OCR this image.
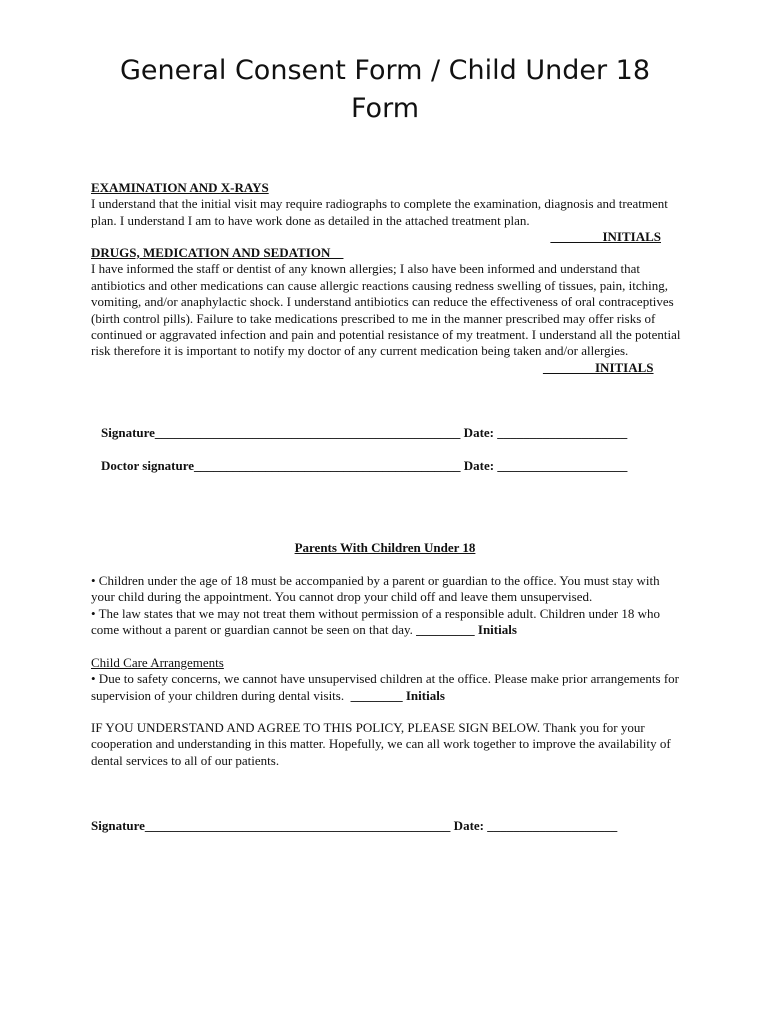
General Consent Form / Child Under 18
Form

EXAMINATION AND X-RAYS

I understand that the initial visit may require radiographs to complete the examination, diagnosis and treatment plan. I understand I am to have work done as detailed in the attached treatment plan.

________INITIALS

DRUGS, MEDICATION AND SEDATION__

I have informed the staff or dentist of any known allergies; I also have been informed and understand that antibiotics and other medications can cause allergic reactions causing redness swelling of tissues, pain, itching, vomiting, and/or anaphylactic shock. I understand antibiotics can reduce the effectiveness of oral contraceptives (birth control pills). Failure to take medications prescribed to me in the manner prescribed may offer risks of continued or aggravated infection and pain and potential resistance of my treatment. I understand all the potential risk therefore it is important to notify my doctor of any current medication being taken and/or allergies.

________INITIALS
Signature_______________________________________________ Date: ____________________
Doctor signature_________________________________________ Date: ____________________
Parents With Children Under 18

• Children under the age of 18 must be accompanied by a parent or guardian to the office. You must stay with your child during the appointment. You cannot drop your child off and leave them unsupervised.

• The law states that we may not treat them without permission of a responsible adult. Children under 18 who come without a parent or guardian cannot be seen on that day. _________ Initials

Child Care Arrangements

• Due to safety concerns, we cannot have unsupervised children at the office. Please make prior arrangements for supervision of your children during dental visits. ________ Initials

IF YOU UNDERSTAND AND AGREE TO THIS POLICY, PLEASE SIGN BELOW. Thank you for your cooperation and understanding in this matter. Hopefully, we can all work together to improve the availability of dental services to all of our patients.

Signature_______________________________________________ Date: ____________________
